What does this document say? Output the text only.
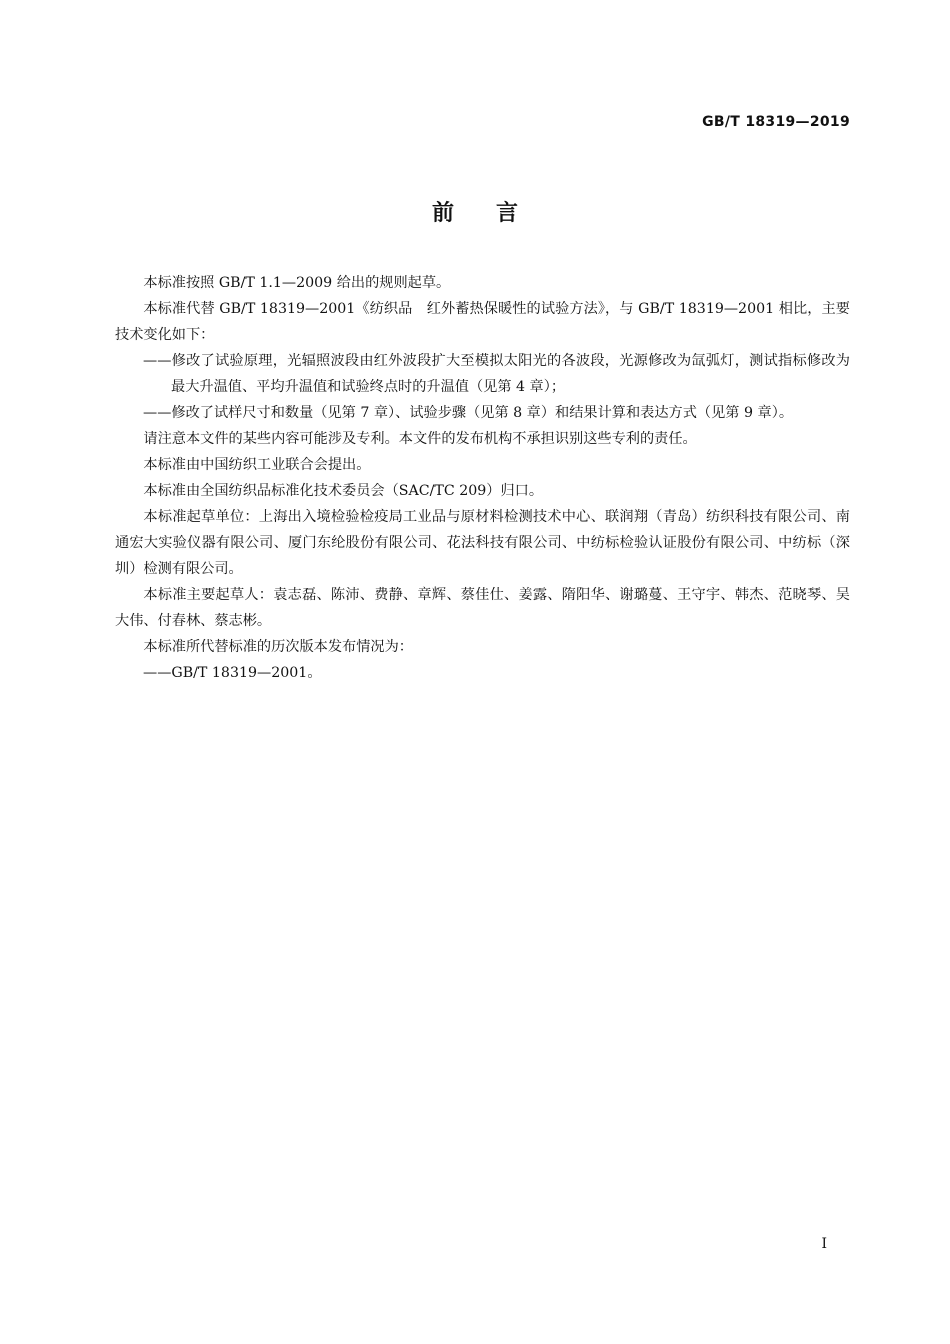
GB/T 18319—2019
前言

本标准按照 GB/T 1.1—2009 给出的规则起草。

本标准代替 GB/T 18319—2001《纺织品　红外蓄热保暖性的试验方法》，与 GB/T 18319—2001 相比，主要技术变化如下：

——修改了试验原理，光辐照波段由红外波段扩大至模拟太阳光的各波段，光源修改为氙弧灯，测试指标修改为最大升温值、平均升温值和试验终点时的升温值（见第 4 章）；

——修改了试样尺寸和数量（见第 7 章）、试验步骤（见第 8 章）和结果计算和表达方式（见第 9 章）。

请注意本文件的某些内容可能涉及专利。本文件的发布机构不承担识别这些专利的责任。

本标准由中国纺织工业联合会提出。

本标准由全国纺织品标准化技术委员会（SAC/TC 209）归口。

本标准起草单位：上海出入境检验检疫局工业品与原材料检测技术中心、联润翔（青岛）纺织科技有限公司、南通宏大实验仪器有限公司、厦门东纶股份有限公司、花法科技有限公司、中纺标检验认证股份有限公司、中纺标（深圳）检测有限公司。

本标准主要起草人：袁志磊、陈沛、费静、章辉、蔡佳仕、姜露、隋阳华、谢璐蔓、王守宇、韩杰、范晓琴、吴大伟、付春林、蔡志彬。

本标准所代替标准的历次版本发布情况为：

——GB/T 18319—2001。

I
